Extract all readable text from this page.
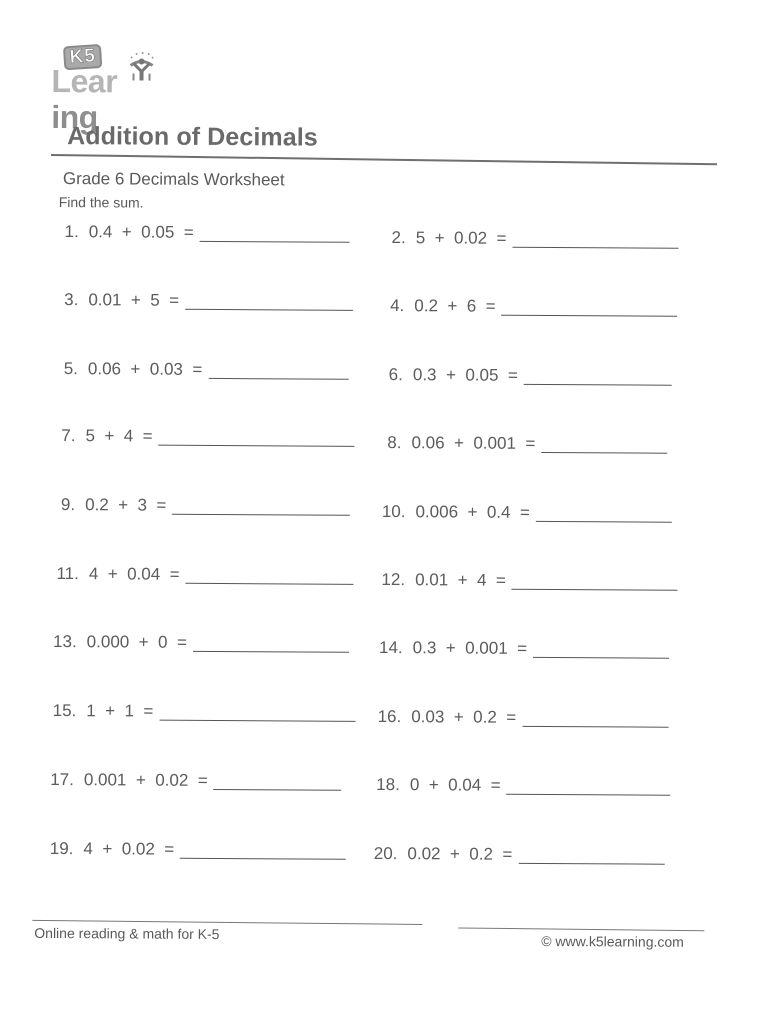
K5
Learing
Addition of Decimals
Grade 6 Decimals Worksheet
Find the sum.
1. 0.4  +  0.05  =
3. 0.01  +  5  =
5. 0.06  +  0.03  =
7. 5  +  4  =
9. 0.2  +  3  =
11. 4  +  0.04  =
13. 0.000  +  0  =
15. 1  +  1  =
17. 0.001  +  0.02  =
19. 4  +  0.02  =
2. 5  +  0.02  =
4. 0.2  +  6  =
6. 0.3  +  0.05  =
8. 0.06  +  0.001  =
10. 0.006  +  0.4  =
12. 0.01  +  4  =
14. 0.3  +  0.001  =
16. 0.03  +  0.2  =
18. 0  +  0.04  =
20. 0.02  +  0.2  =
Online reading & math for K-5	© www.k5learning.com
